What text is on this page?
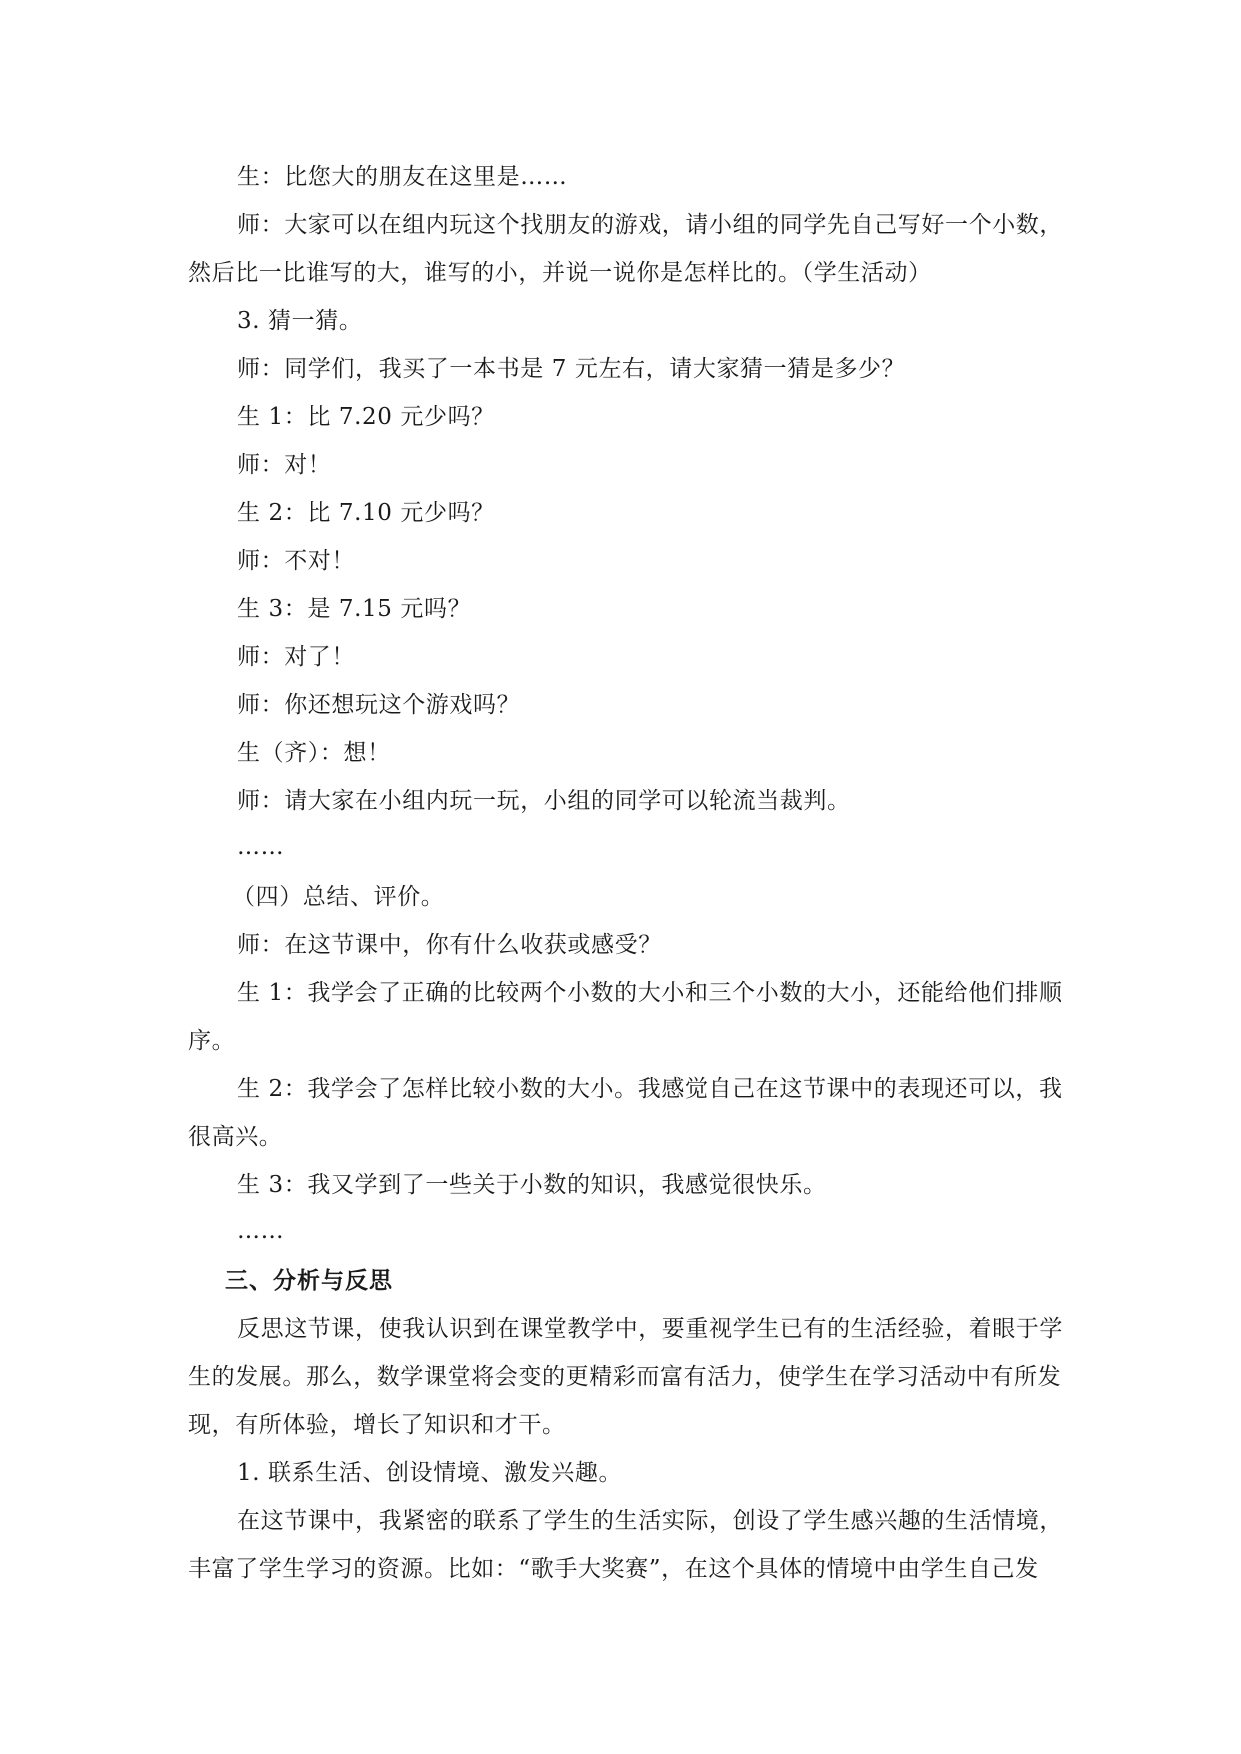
生：比您大的朋友在这里是……
师：大家可以在组内玩这个找朋友的游戏，请小组的同学先自己写好一个小数，
然后比一比谁写的大，谁写的小，并说一说你是怎样比的。（学生活动）
3. 猜一猜。
师：同学们，我买了一本书是 7 元左右，请大家猜一猜是多少？
生 1：比 7.20 元少吗？
师：对！
生 2：比 7.10 元少吗？
师：不对！
生 3：是 7.15 元吗？
师：对了！
师：你还想玩这个游戏吗？
生（齐）：想！
师：请大家在小组内玩一玩，小组的同学可以轮流当裁判。
……
（四）总结、评价。
师：在这节课中，你有什么收获或感受？
生 1：我学会了正确的比较两个小数的大小和三个小数的大小，还能给他们排顺
序。
生 2：我学会了怎样比较小数的大小。我感觉自己在这节课中的表现还可以，我
很高兴。
生 3：我又学到了一些关于小数的知识，我感觉很快乐。
……
三、分析与反思
反思这节课，使我认识到在课堂教学中，要重视学生已有的生活经验，着眼于学
生的发展。那么，数学课堂将会变的更精彩而富有活力，使学生在学习活动中有所发
现，有所体验，增长了知识和才干。
1. 联系生活、创设情境、激发兴趣。
在这节课中，我紧密的联系了学生的生活实际，创设了学生感兴趣的生活情境，
丰富了学生学习的资源。比如：“歌手大奖赛”，在这个具体的情境中由学生自己发
